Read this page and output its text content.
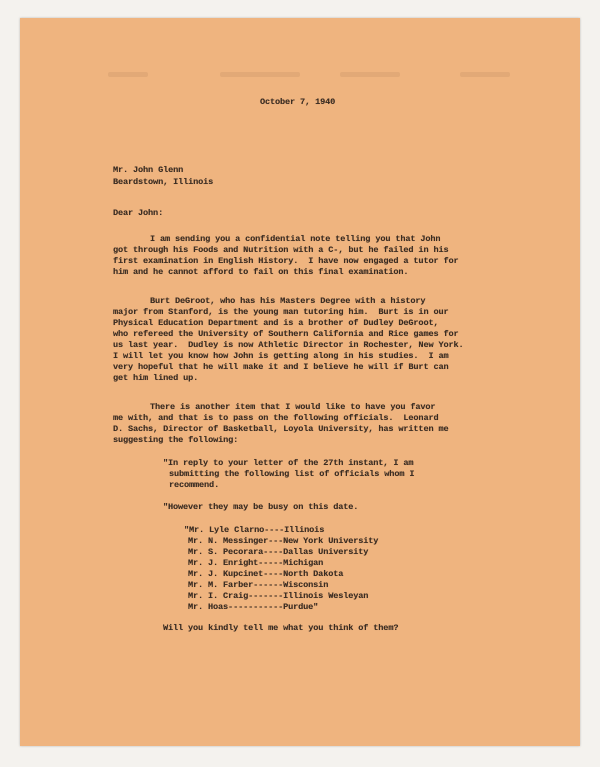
October 7, 1940
Mr. John Glenn
Beardstown, Illinois
Dear John:
I am sending you a confidential note telling you that John
got through his Foods and Nutrition with a C-, but he failed in his
first examination in English History.  I have now engaged a tutor for
him and he cannot afford to fail on this final examination.
Burt DeGroot, who has his Masters Degree with a history
major from Stanford, is the young man tutoring him.  Burt is in our
Physical Education Department and is a brother of Dudley DeGroot,
who refereed the University of Southern California and Rice games for
us last year.  Dudley is now Athletic Director in Rochester, New York.
I will let you know how John is getting along in his studies.  I am
very hopeful that he will make it and I believe he will if Burt can
get him lined up.
There is another item that I would like to have you favor
me with, and that is to pass on the following officials.  Leonard
D. Sachs, Director of Basketball, Loyola University, has written me
suggesting the following:
"In reply to your letter of the 27th instant, I am
submitting the following list of officials whom I
recommend.
"However they may be busy on this date.
"Mr. Lyle Clarno----Illinois
Mr. N. Messinger---New York University
Mr. S. Pecorara----Dallas University
Mr. J. Enright-----Michigan
Mr. J. Kupcinet----North Dakota
Mr. M. Farber------Wisconsin
Mr. I. Craig-------Illinois Wesleyan
Mr. Hoas-----------Purdue"
Will you kindly tell me what you think of them?
